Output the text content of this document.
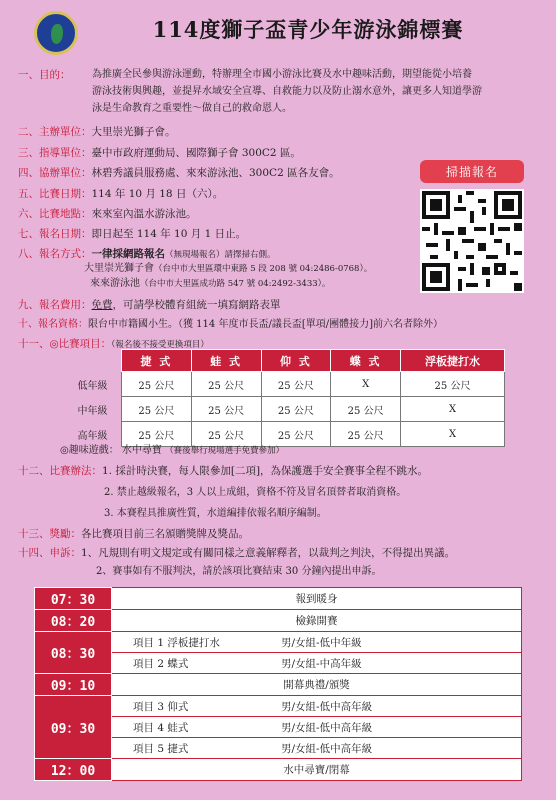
114度獅子盃青少年游泳錦標賽
一、目的： 為推廣全民參與游泳運動，特辦理全市國小游泳比賽及水中趣味活動，期望能從小培養
游泳技術與興趣，並提昇水域安全宣導、自救能力以及防止溺水意外，讓更多人知道學游
泳是生命教育之重要性～做自己的救命恩人。
二、主辦單位：大里崇光獅子會。
三、指導單位：臺中市政府運動局、國際獅子會 300C2 區。
四、協辦單位：林碧秀議員服務處、來來游泳池、300C2 區各友會。
五、比賽日期：114 年 10 月 18 日（六）。
六、比賽地點：來來室內溫水游泳池。
七、報名日期：即日起至 114 年 10 月 1 日止。
八、報名方式：一律採網路報名（無現場報名）請擇掃右側。
大里崇光獅子會（台中市大里區環中東路 5 段 208 號 04:2486-0768）。
來來游泳池（台中市大里區成功路 547 號 04:2492-3433）。
九、報名費用：免費，可請學校體育組統一填寫網路表單
十、報名資格：限台中市籍國小生。（獲 114 年度市長盃/議長盃[單項/團體接力]前六名者除外）
十一、◎比賽項目：（報名後不接受更換項目）
掃描報名
	捷 式	蛙 式	仰 式	蝶 式	浮板捷打水
低年級	25 公尺	25 公尺	25 公尺	X	25 公尺
中年級	25 公尺	25 公尺	25 公尺	25 公尺	X
高年級	25 公尺	25 公尺	25 公尺	25 公尺	X
◎趣味遊戲： 水中尋寶 （賽後舉行現場選手免費參加）
十二、比賽辦法：1. 採計時決賽，每人限參加[二項]，為保護選手安全賽事全程不跳水。
2. 禁止越級報名，3 人以上成組，資格不符及冒名頂替者取消資格。
3. 本賽程具推廣性質，水道編排依報名順序編制。
十三、獎勵：各比賽項目前三名頒贈獎牌及獎品。
十四、申訴：1、凡規則有明文規定或有關同樣之意義解釋者，以裁判之判決，不得提出異議。
2、賽事如有不服判決，請於該項比賽結束 30 分鐘內提出申訴。
07：30	報到暖身
08：20	檢錄開賽
08：30	項目 1 浮板捷打水 男/女組-低中年級
	項目 2 蝶式 男/女組-中高年級
09：10	開幕典禮/頒獎
09：30	項目 3 仰式 男/女組-低中高年級
	項目 4 蛙式 男/女組-低中高年級
	項目 5 捷式 男/女組-低中高年級
12：00	水中尋寶/閉幕
